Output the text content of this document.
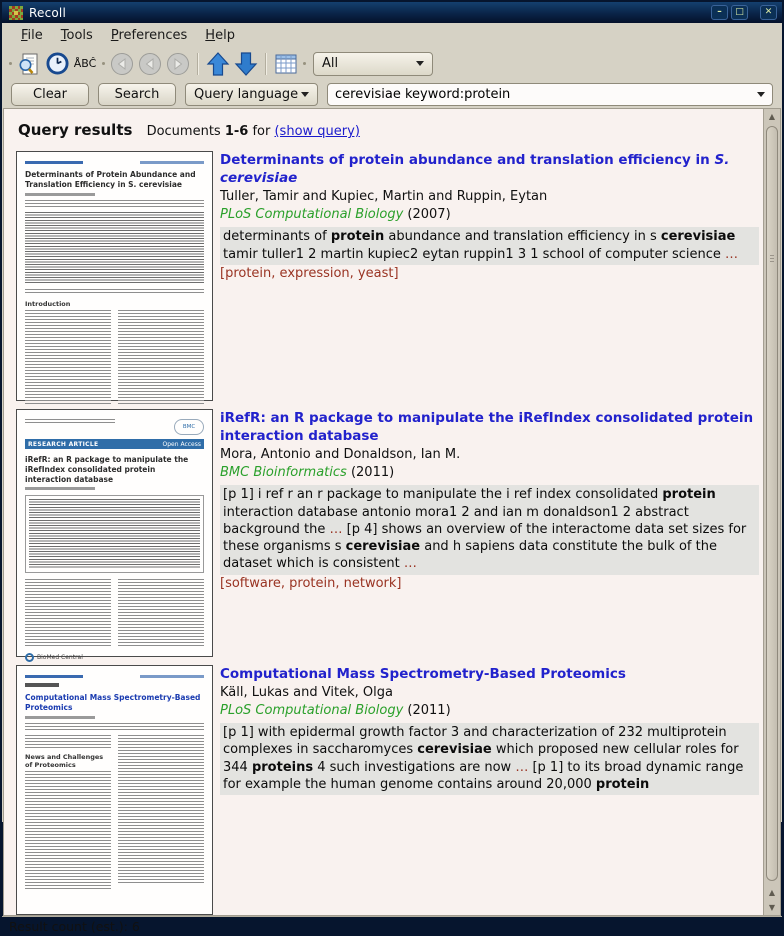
Recoll	–	□	✕
File	Tools	Preferences	Help
ÅBĈ	All
Clear	Search	Query language	cerevisiae keyword:protein
Query results Documents 1-6 for (show query)
Determinants of Protein Abundance and Translation Efficiency in S. cerevisiae
Introduction
Determinants of protein abundance and translation efficiency in S. cerevisiae
Tuller, Tamir and Kupiec, Martin and Ruppin, Eytan
PLoS Computational Biology (2007)
determinants of protein abundance and translation efficiency in s cerevisiae tamir tuller1 2 martin kupiec2 eytan ruppin1 3 1 school of computer science …
[protein, expression, yeast]
BMC
RESEARCH ARTICLE	Open Access
iRefR: an R package to manipulate the iRefIndex consolidated protein interaction database
BioMed Central
iRefR: an R package to manipulate the iRefIndex consolidated protein interaction database
Mora, Antonio and Donaldson, Ian M.
BMC Bioinformatics (2011)
[p 1] i ref r an r package to manipulate the i ref index consolidated protein interaction database antonio mora1 2 and ian m donaldson1 2 abstract background the … [p 4] shows an overview of the interactome data set sizes for these organisms s cerevisiae and h sapiens data constitute the bulk of the dataset which is consistent …
[software, protein, network]
Computational Mass Spectrometry-Based Proteomics
News and Challenges of Proteomics
Computational Mass Spectrometry-Based Proteomics
Käll, Lukas and Vitek, Olga
PLoS Computational Biology (2011)
[p 1] with epidermal growth factor 3 and characterization of 232 multiprotein complexes in saccharomyces cerevisiae which proposed new cellular roles for 344 proteins 4 such investigations are now … [p 1] to its broad dynamic range for example the human genome contains around 20,000 protein
▲
▲
▼
Result count (est.): 6
